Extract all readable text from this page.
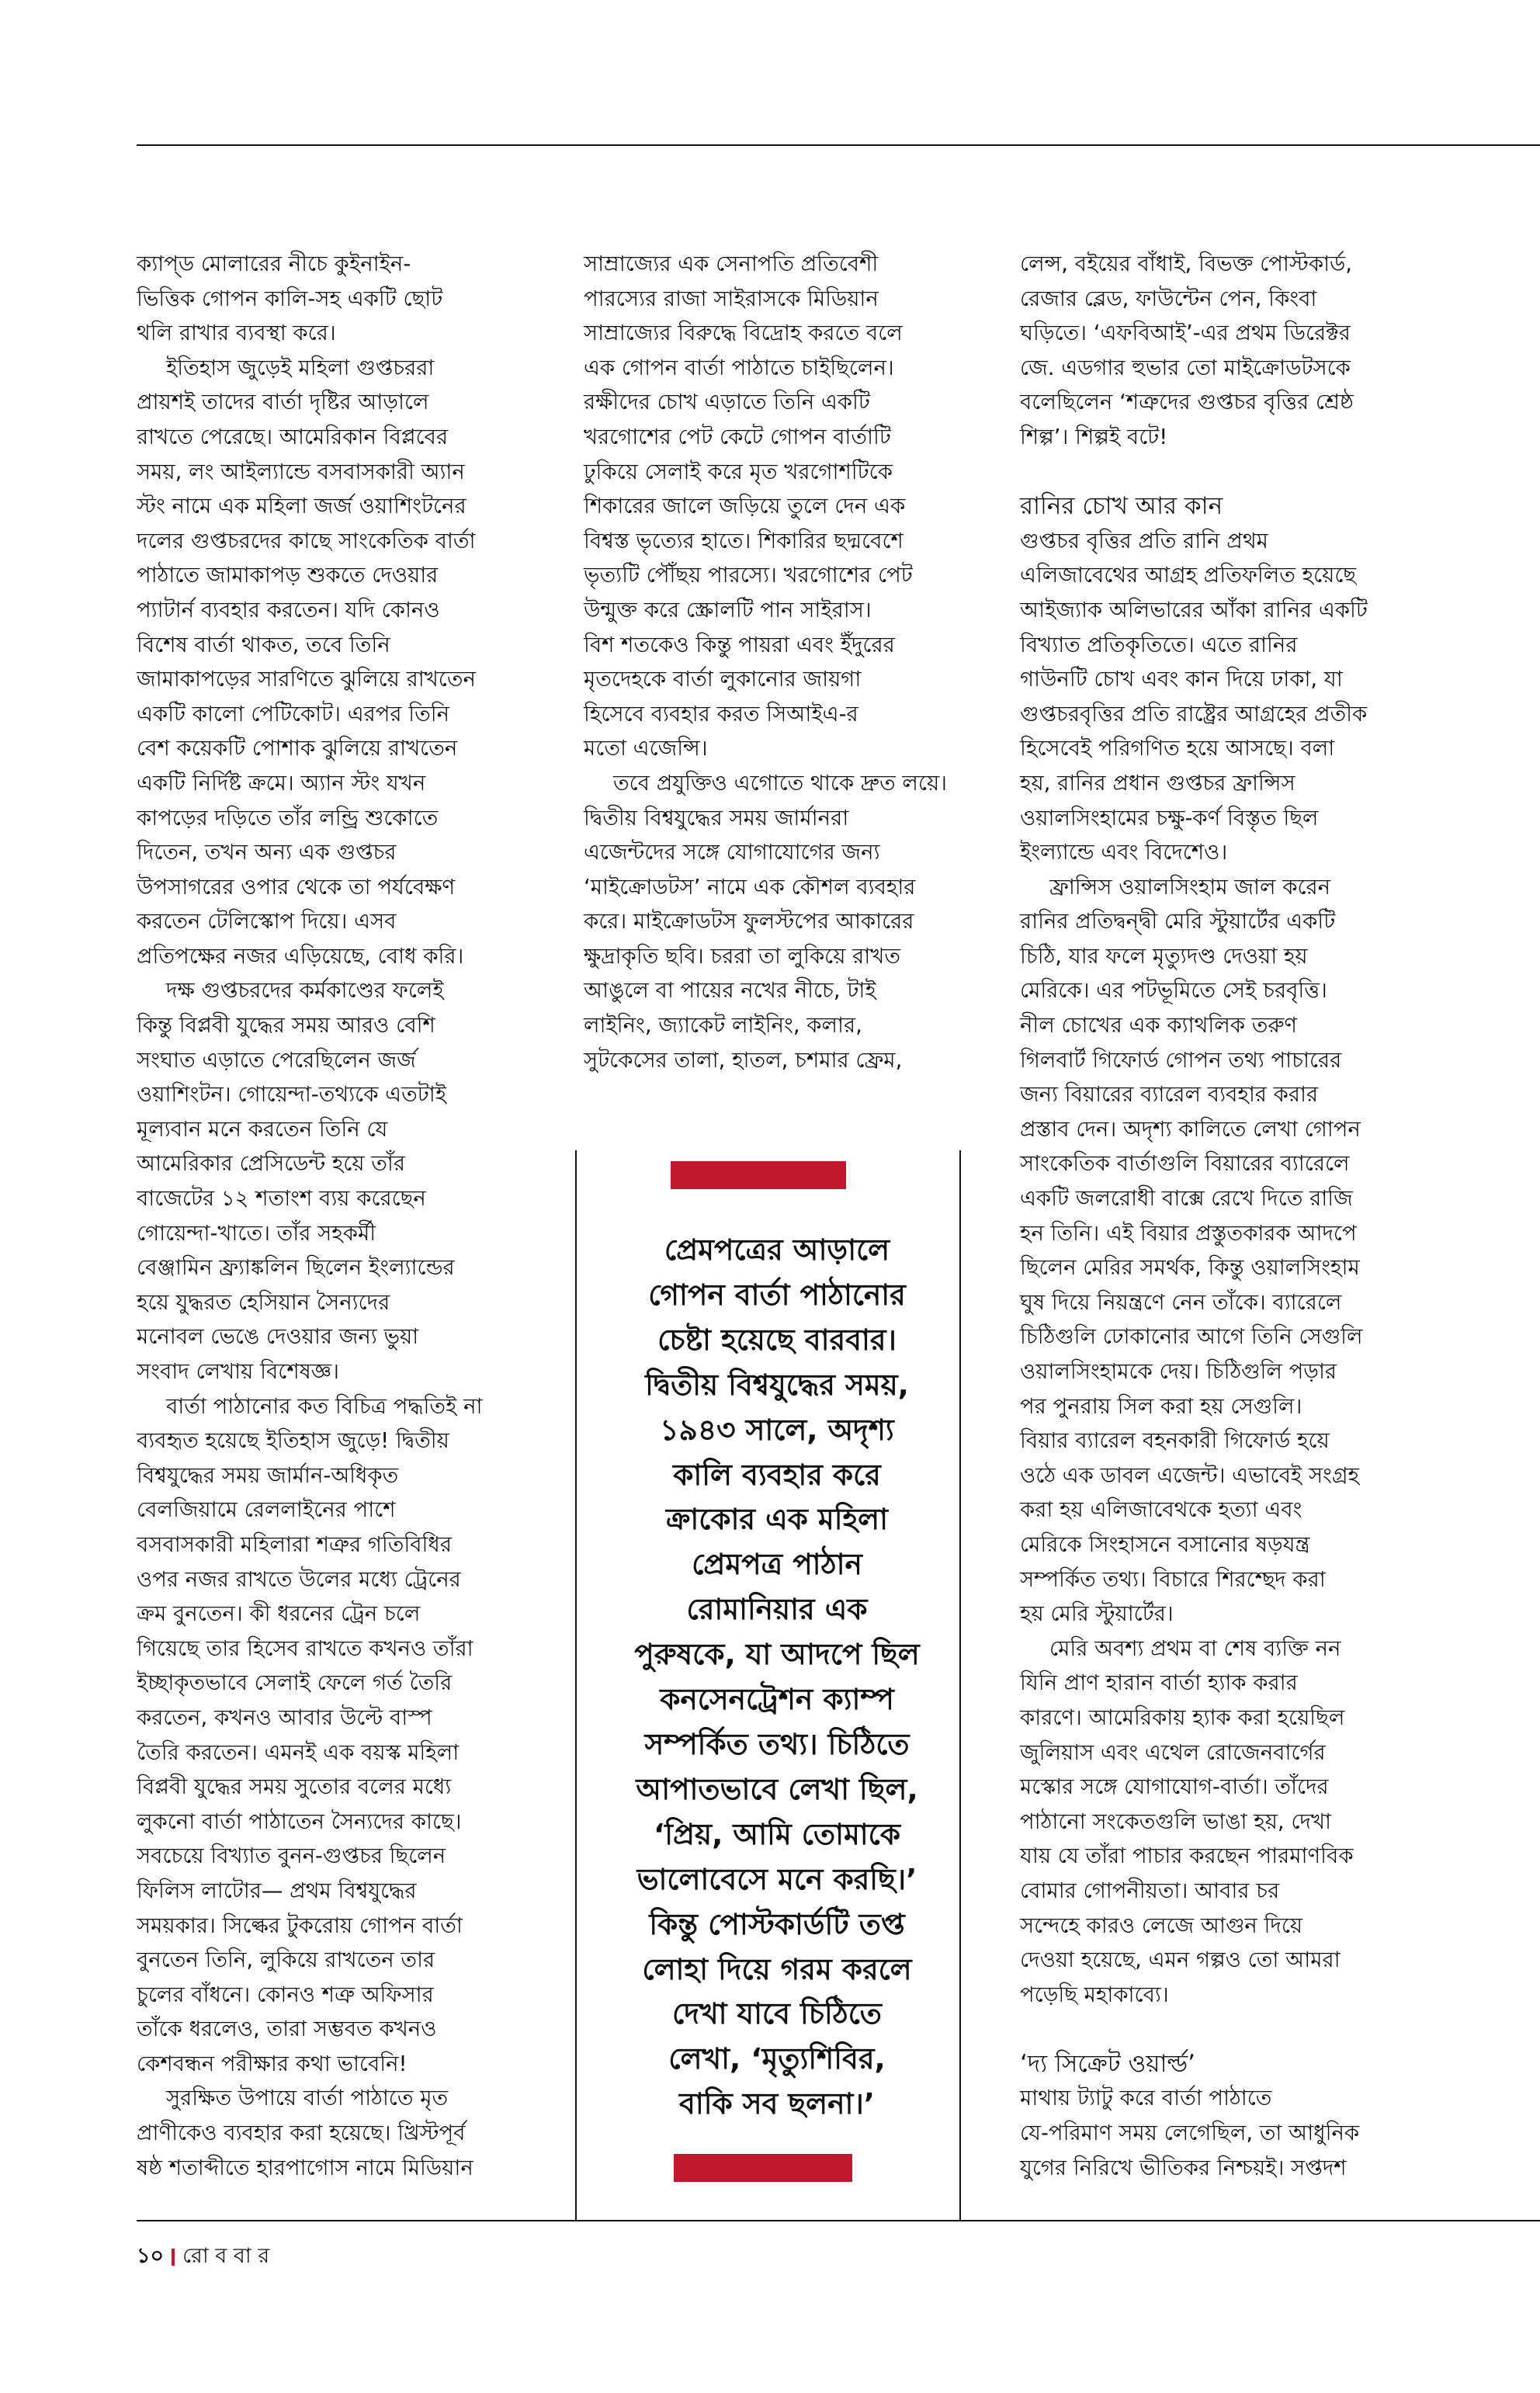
ক্যাপ্ড মোলারের নীচে কুইনাইন-

ভিত্তিক গোপন কালি-সহ একটি ছোট

থলি রাখার ব্যবস্থা করে।

ইতিহাস জুড়েই মহিলা গুপ্তচররা

প্রায়শই তাদের বার্তা দৃষ্টির আড়ালে

রাখতে পেরেছে। আমেরিকান বিপ্লবের

সময়, লং আইল্যান্ডে বসবাসকারী অ্যান

স্টং নামে এক মহিলা জর্জ ওয়াশিংটনের

দলের গুপ্তচরদের কাছে সাংকেতিক বার্তা

পাঠাতে জামাকাপড় শুকতে দেওয়ার

প্যাটার্ন ব্যবহার করতেন। যদি কোনও

বিশেষ বার্তা থাকত, তবে তিনি

জামাকাপড়ের সারণিতে ঝুলিয়ে রাখতেন

একটি কালো পেটিকোট। এরপর তিনি

বেশ কয়েকটি পোশাক ঝুলিয়ে রাখতেন

একটি নির্দিষ্ট ক্রমে। অ্যান স্টং যখন

কাপড়ের দড়িতে তাঁর লন্ড্রি শুকোতে

দিতেন, তখন অন্য এক গুপ্তচর

উপসাগরের ওপার থেকে তা পর্যবেক্ষণ

করতেন টেলিস্কোপ দিয়ে। এসব

প্রতিপক্ষের নজর এড়িয়েছে, বোধ করি।

দক্ষ গুপ্তচরদের কর্মকাণ্ডের ফলেই

কিন্তু বিপ্লবী যুদ্ধের সময় আরও বেশি

সংঘাত এড়াতে পেরেছিলেন জর্জ

ওয়াশিংটন। গোয়েন্দা-তথ্যকে এতটাই

মূল্যবান মনে করতেন তিনি যে

আমেরিকার প্রেসিডেন্ট হয়ে তাঁর

বাজেটের ১২ শতাংশ ব্যয় করেছেন

গোয়েন্দা-খাতে। তাঁর সহকর্মী

বেঞ্জামিন ফ্র্যাঙ্কলিন ছিলেন ইংল্যান্ডের

হয়ে যুদ্ধরত হেসিয়ান সৈন্যদের

মনোবল ভেঙে দেওয়ার জন্য ভুয়া

সংবাদ লেখায় বিশেষজ্ঞ।

বার্তা পাঠানোর কত বিচিত্র পদ্ধতিই না

ব্যবহৃত হয়েছে ইতিহাস জুড়ে! দ্বিতীয়

বিশ্বযুদ্ধের সময় জার্মান-অধিকৃত

বেলজিয়ামে রেললাইনের পাশে

বসবাসকারী মহিলারা শত্রুর গতিবিধির

ওপর নজর রাখতে উলের মধ্যে ট্রেনের

ক্রম বুনতেন। কী ধরনের ট্রেন চলে

গিয়েছে তার হিসেব রাখতে কখনও তাঁরা

ইচ্ছাকৃতভাবে সেলাই ফেলে গর্ত তৈরি

করতেন, কখনও আবার উল্টে বাস্প

তৈরি করতেন। এমনই এক বয়স্ক মহিলা

বিপ্লবী যুদ্ধের সময় সুতোর বলের মধ্যে

লুকনো বার্তা পাঠাতেন সৈন্যদের কাছে।

সবচেয়ে বিখ্যাত বুনন-গুপ্তচর ছিলেন

ফিলিস লাটোর— প্রথম বিশ্বযুদ্ধের

সময়কার। সিল্কের টুকরোয় গোপন বার্তা

বুনতেন তিনি, লুকিয়ে রাখতেন তার

চুলের বাঁধনে। কোনও শত্রু অফিসার

তাঁকে ধরলেও, তারা সম্ভবত কখনও

কেশবন্ধন পরীক্ষার কথা ভাবেনি!

সুরক্ষিত উপায়ে বার্তা পাঠাতে মৃত

প্রাণীকেও ব্যবহার করা হয়েছে। খ্রিস্টপূর্ব

ষষ্ঠ শতাব্দীতে হারপাগোস নামে মিডিয়ান

সাম্রাজ্যের এক সেনাপতি প্রতিবেশী

পারস্যের রাজা সাইরাসকে মিডিয়ান

সাম্রাজ্যের বিরুদ্ধে বিদ্রোহ করতে বলে

এক গোপন বার্তা পাঠাতে চাইছিলেন।

রক্ষীদের চোখ এড়াতে তিনি একটি

খরগোশের পেট কেটে গোপন বার্তাটি

ঢুকিয়ে সেলাই করে মৃত খরগোশটিকে

শিকারের জালে জড়িয়ে তুলে দেন এক

বিশ্বস্ত ভৃত্যের হাতে। শিকারির ছদ্মবেশে

ভৃত্যটি পৌঁছয় পারস্যে। খরগোশের পেট

উন্মুক্ত করে স্ক্রোলটি পান সাইরাস।

বিশ শতকেও কিন্তু পায়রা এবং ইঁদুরের

মৃতদেহকে বার্তা লুকানোর জায়গা

হিসেবে ব্যবহার করত সিআইএ-র

মতো এজেন্সি।

তবে প্রযুক্তিও এগোতে থাকে দ্রুত লয়ে।

দ্বিতীয় বিশ্বযুদ্ধের সময় জার্মানরা

এজেন্টদের সঙ্গে যোগাযোগের জন্য

‘মাইক্রোডটস’ নামে এক কৌশল ব্যবহার

করে। মাইক্রোডটস ফুলস্টপের আকারের

ক্ষুদ্রাকৃতি ছবি। চররা তা লুকিয়ে রাখত

আঙুলে বা পায়ের নখের নীচে, টাই

লাইনিং, জ্যাকেট লাইনিং, কলার,

সুটকেসের তালা, হাতল, চশমার ফ্রেম,

লেন্স, বইয়ের বাঁধাই, বিভক্ত পোস্টকার্ড,

রেজার ব্লেড, ফাউন্টেন পেন, কিংবা

ঘড়িতে। ‘এফবিআই’-এর প্রথম ডিরেক্টর

জে. এডগার হুভার তো মাইক্রোডটসকে

বলেছিলেন ‘শত্রুদের গুপ্তচর বৃত্তির শ্রেষ্ঠ

শিল্প’। শিল্পই বটে!

রানির চোখ আর কান

গুপ্তচর বৃত্তির প্রতি রানি প্রথম

এলিজাবেথের আগ্রহ প্রতিফলিত হয়েছে

আইজ্যাক অলিভারের আঁকা রানির একটি

বিখ্যাত প্রতিকৃতিতে। এতে রানির

গাউনটি চোখ এবং কান দিয়ে ঢাকা, যা

গুপ্তচরবৃত্তির প্রতি রাষ্ট্রের আগ্রহের প্রতীক

হিসেবেই পরিগণিত হয়ে আসছে। বলা

হয়, রানির প্রধান গুপ্তচর ফ্রান্সিস

ওয়ালসিংহামের চক্ষু-কর্ণ বিস্তৃত ছিল

ইংল্যান্ডে এবং বিদেশেও।

ফ্রান্সিস ওয়ালসিংহাম জাল করেন

রানির প্রতিদ্বন্দ্বী মেরি স্টুয়ার্টের একটি

চিঠি, যার ফলে মৃত্যুদণ্ড দেওয়া হয়

মেরিকে। এর পটভূমিতে সেই চরবৃত্তি।

নীল চোখের এক ক্যাথলিক তরুণ

গিলবার্ট গিফোর্ড গোপন তথ্য পাচারের

জন্য বিয়ারের ব্যারেল ব্যবহার করার

প্রস্তাব দেন। অদৃশ্য কালিতে লেখা গোপন

সাংকেতিক বার্তাগুলি বিয়ারের ব্যারেলে

একটি জলরোধী বাক্সে রেখে দিতে রাজি

হন তিনি। এই বিয়ার প্রস্তুতকারক আদপে

ছিলেন মেরির সমর্থক, কিন্তু ওয়ালসিংহাম

ঘুষ দিয়ে নিয়ন্ত্রণে নেন তাঁকে। ব্যারেলে

চিঠিগুলি ঢোকানোর আগে তিনি সেগুলি

ওয়ালসিংহামকে দেয়। চিঠিগুলি পড়ার

পর পুনরায় সিল করা হয় সেগুলি।

বিয়ার ব্যারেল বহনকারী গিফোর্ড হয়ে

ওঠে এক ডাবল এজেন্ট। এভাবেই সংগ্রহ

করা হয় এলিজাবেথকে হত্যা এবং

মেরিকে সিংহাসনে বসানোর ষড়যন্ত্র

সম্পর্কিত তথ্য। বিচারে শিরশ্ছেদ করা

হয় মেরি স্টুয়ার্টের।

মেরি অবশ্য প্রথম বা শেষ ব্যক্তি নন

যিনি প্রাণ হারান বার্তা হ্যাক করার

কারণে। আমেরিকায় হ্যাক করা হয়েছিল

জুলিয়াস এবং এথেল রোজেনবার্গের

মস্কোর সঙ্গে যোগাযোগ-বার্তা। তাঁদের

পাঠানো সংকেতগুলি ভাঙা হয়, দেখা

যায় যে তাঁরা পাচার করছেন পারমাণবিক

বোমার গোপনীয়তা। আবার চর

সন্দেহে কারও লেজে আগুন দিয়ে

দেওয়া হয়েছে, এমন গল্পও তো আমরা

পড়েছি মহাকাব্যে।

‘দ্য সিক্রেট ওয়ার্ল্ড’

মাথায় ট্যাটু করে বার্তা পাঠাতে

যে-পরিমাণ সময় লেগেছিল, তা আধুনিক

যুগের নিরিখে ভীতিকর নিশ্চয়ই। সপ্তদশ

প্রেমপত্রের আড়ালে
গোপন বার্তা পাঠানোর
চেষ্টা হয়েছে বারবার।
দ্বিতীয় বিশ্বযুদ্ধের সময়,
১৯৪৩ সালে, অদৃশ্য
কালি ব্যবহার করে
ক্রাকোর এক মহিলা
প্রেমপত্র পাঠান
রোমানিয়ার এক
পুরুষকে, যা আদপে ছিল
কনসেনট্রেশন ক্যাম্প
সম্পর্কিত তথ্য। চিঠিতে
আপাতভাবে লেখা ছিল,
‘প্রিয়, আমি তোমাকে
ভালোবেসে মনে করছি।’
কিন্তু পোস্টকার্ডটি তপ্ত
লোহা দিয়ে গরম করলে
দেখা যাবে চিঠিতে
লেখা, ‘মৃত্যুশিবির,
বাকি সব ছলনা।’
১০ রো ব বা র
